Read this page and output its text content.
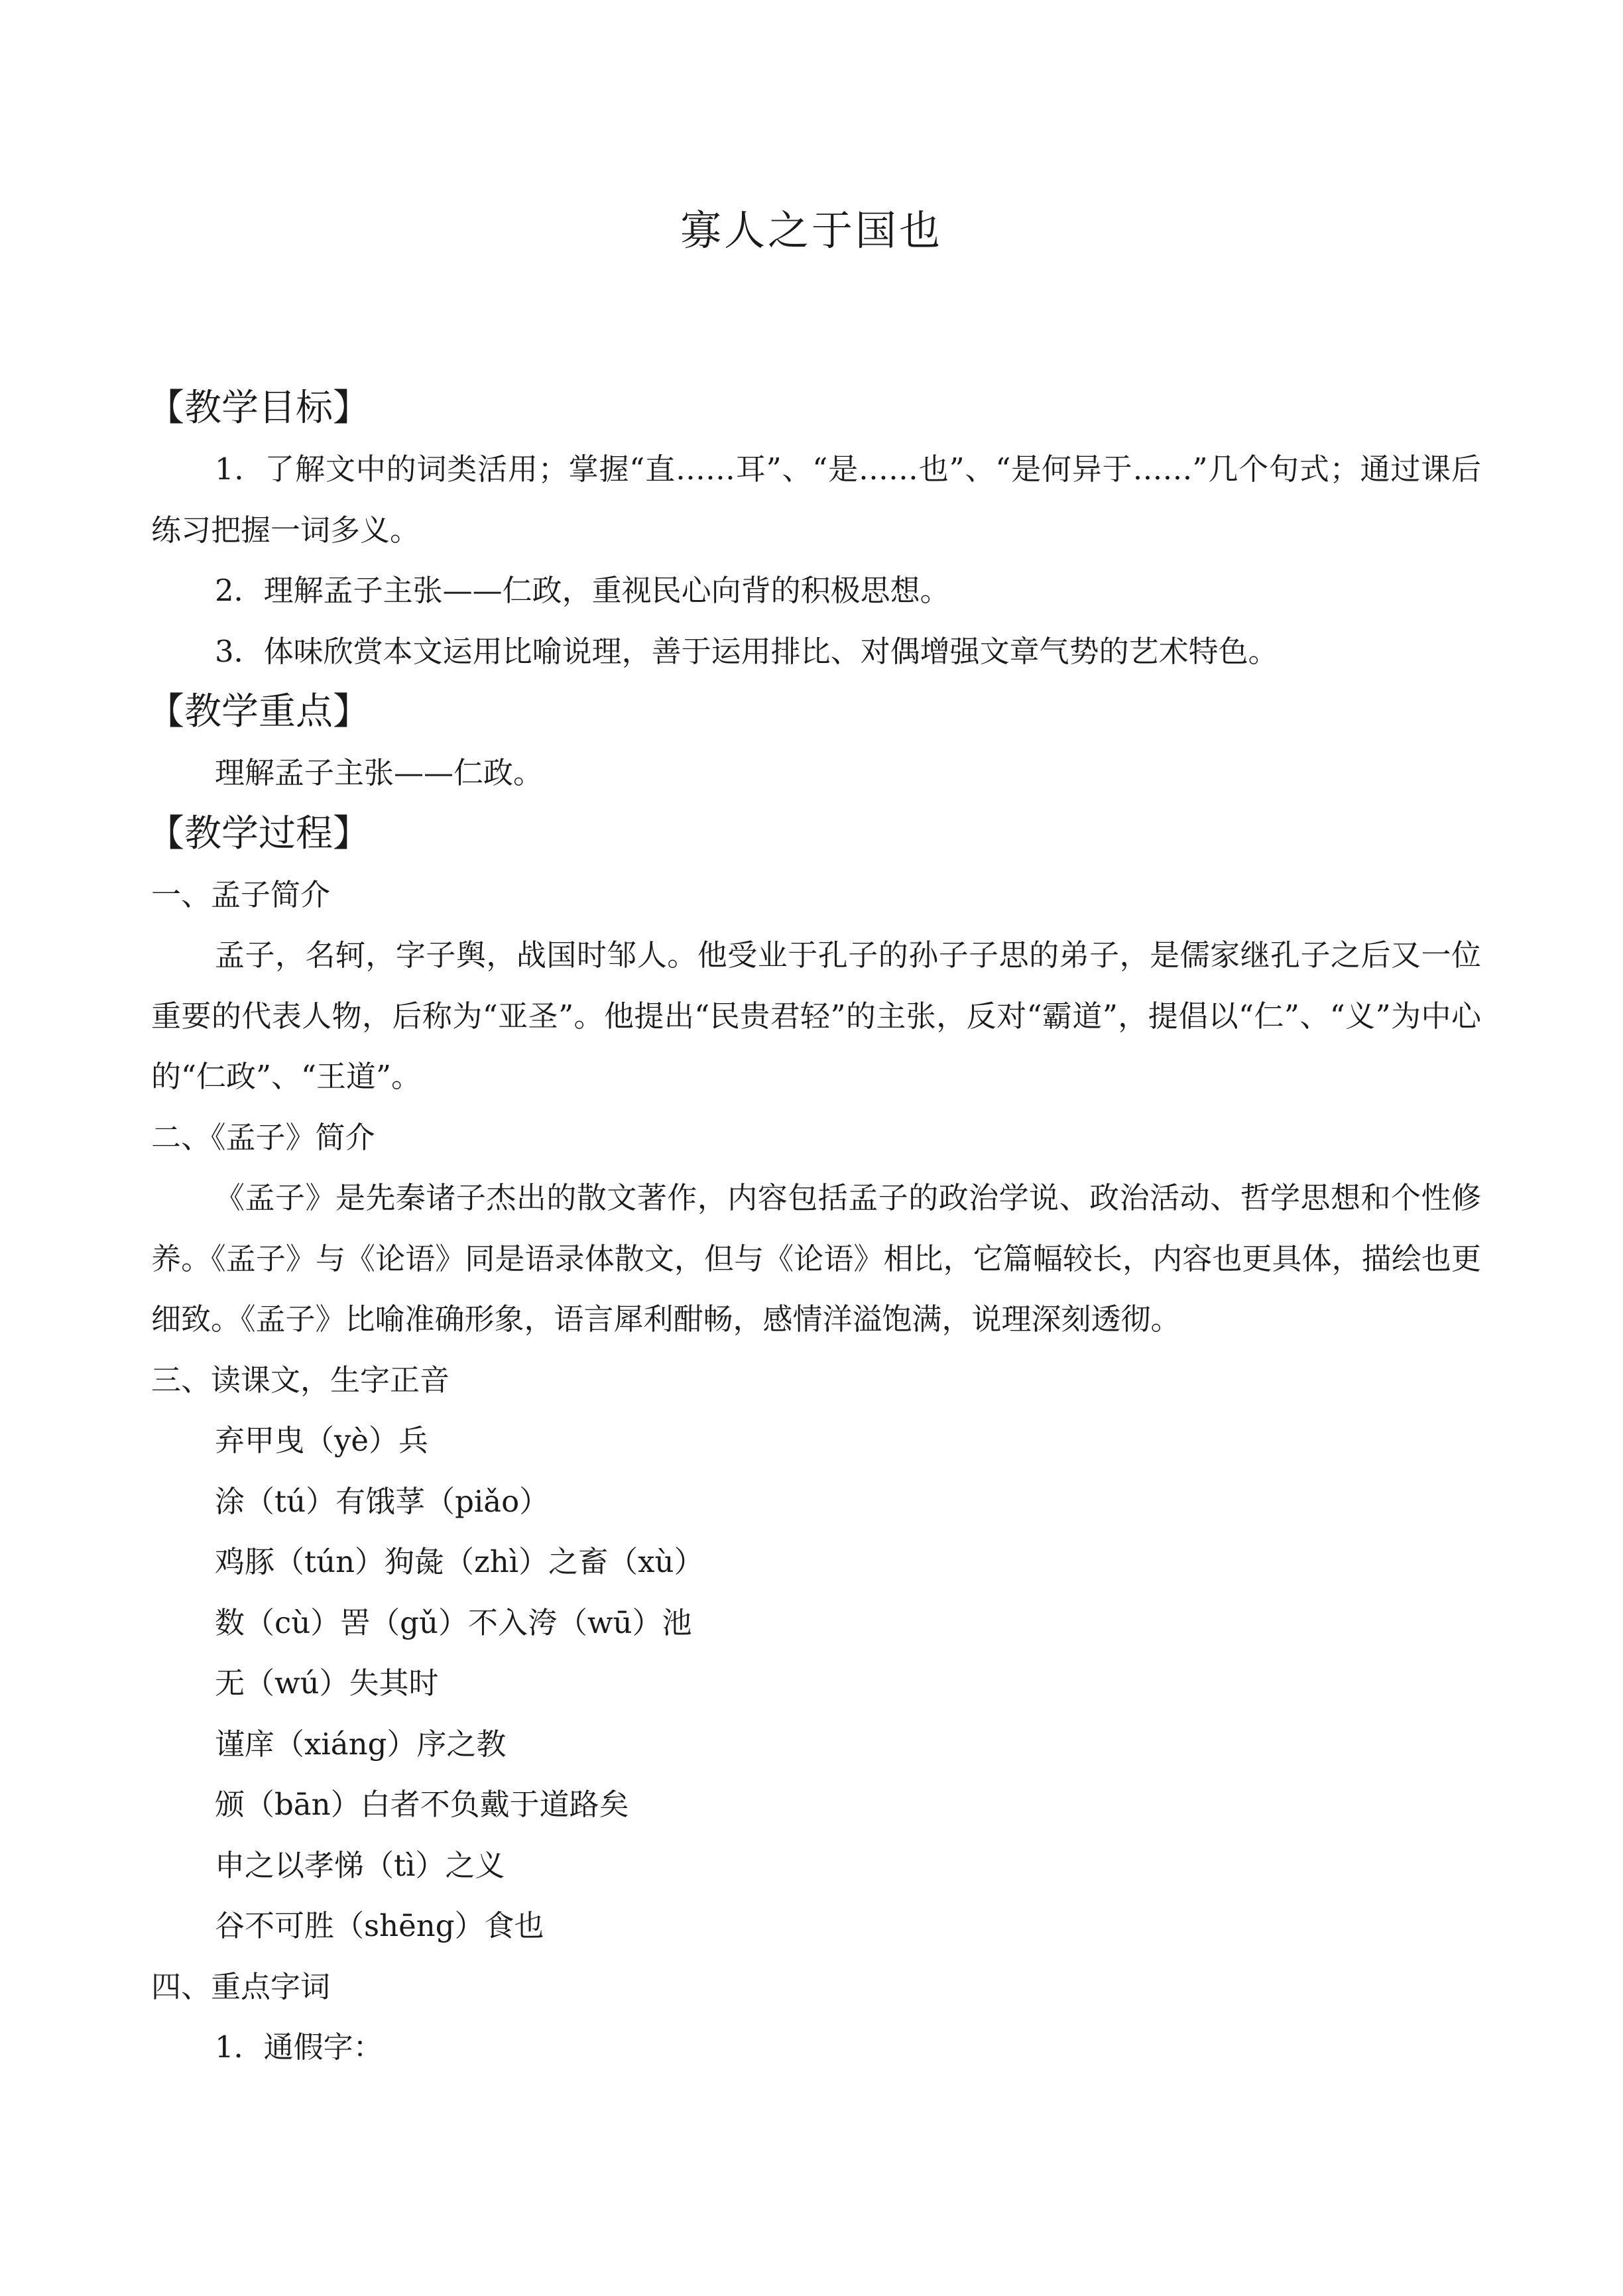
寡人之于国也
【教学目标】

1．了解文中的词类活用；掌握“直……耳”、“是……也”、“是何异于……”几个句式；通过课后练习把握一词多义。

2．理解孟子主张——仁政，重视民心向背的积极思想。

3．体味欣赏本文运用比喻说理，善于运用排比、对偶增强文章气势的艺术特色。

【教学重点】

理解孟子主张——仁政。

【教学过程】

一、孟子简介

孟子，名轲，字子舆，战国时邹人。他受业于孔子的孙子子思的弟子，是儒家继孔子之后又一位重要的代表人物，后称为“亚圣”。他提出“民贵君轻”的主张，反对“霸道”，提倡以“仁”、“义”为中心的“仁政”、“王道”。

二、《孟子》简介

《孟子》是先秦诸子杰出的散文著作，内容包括孟子的政治学说、政治活动、哲学思想和个性修养。《孟子》与《论语》同是语录体散文，但与《论语》相比，它篇幅较长，内容也更具体，描绘也更细致。《孟子》比喻准确形象，语言犀利酣畅，感情洋溢饱满，说理深刻透彻。

三、读课文，生字正音

弃甲曳（yè）兵

涂（tú）有饿莩（piǎo）

鸡豚（tún）狗彘（zhì）之畜（xù）

数（cù）罟（gǔ）不入洿（wū）池

无（wú）失其时

谨庠（xiáng）序之教

颁（bān）白者不负戴于道路矣

申之以孝悌（tì）之义

谷不可胜（shēng）食也

四、重点字词

1．通假字：
